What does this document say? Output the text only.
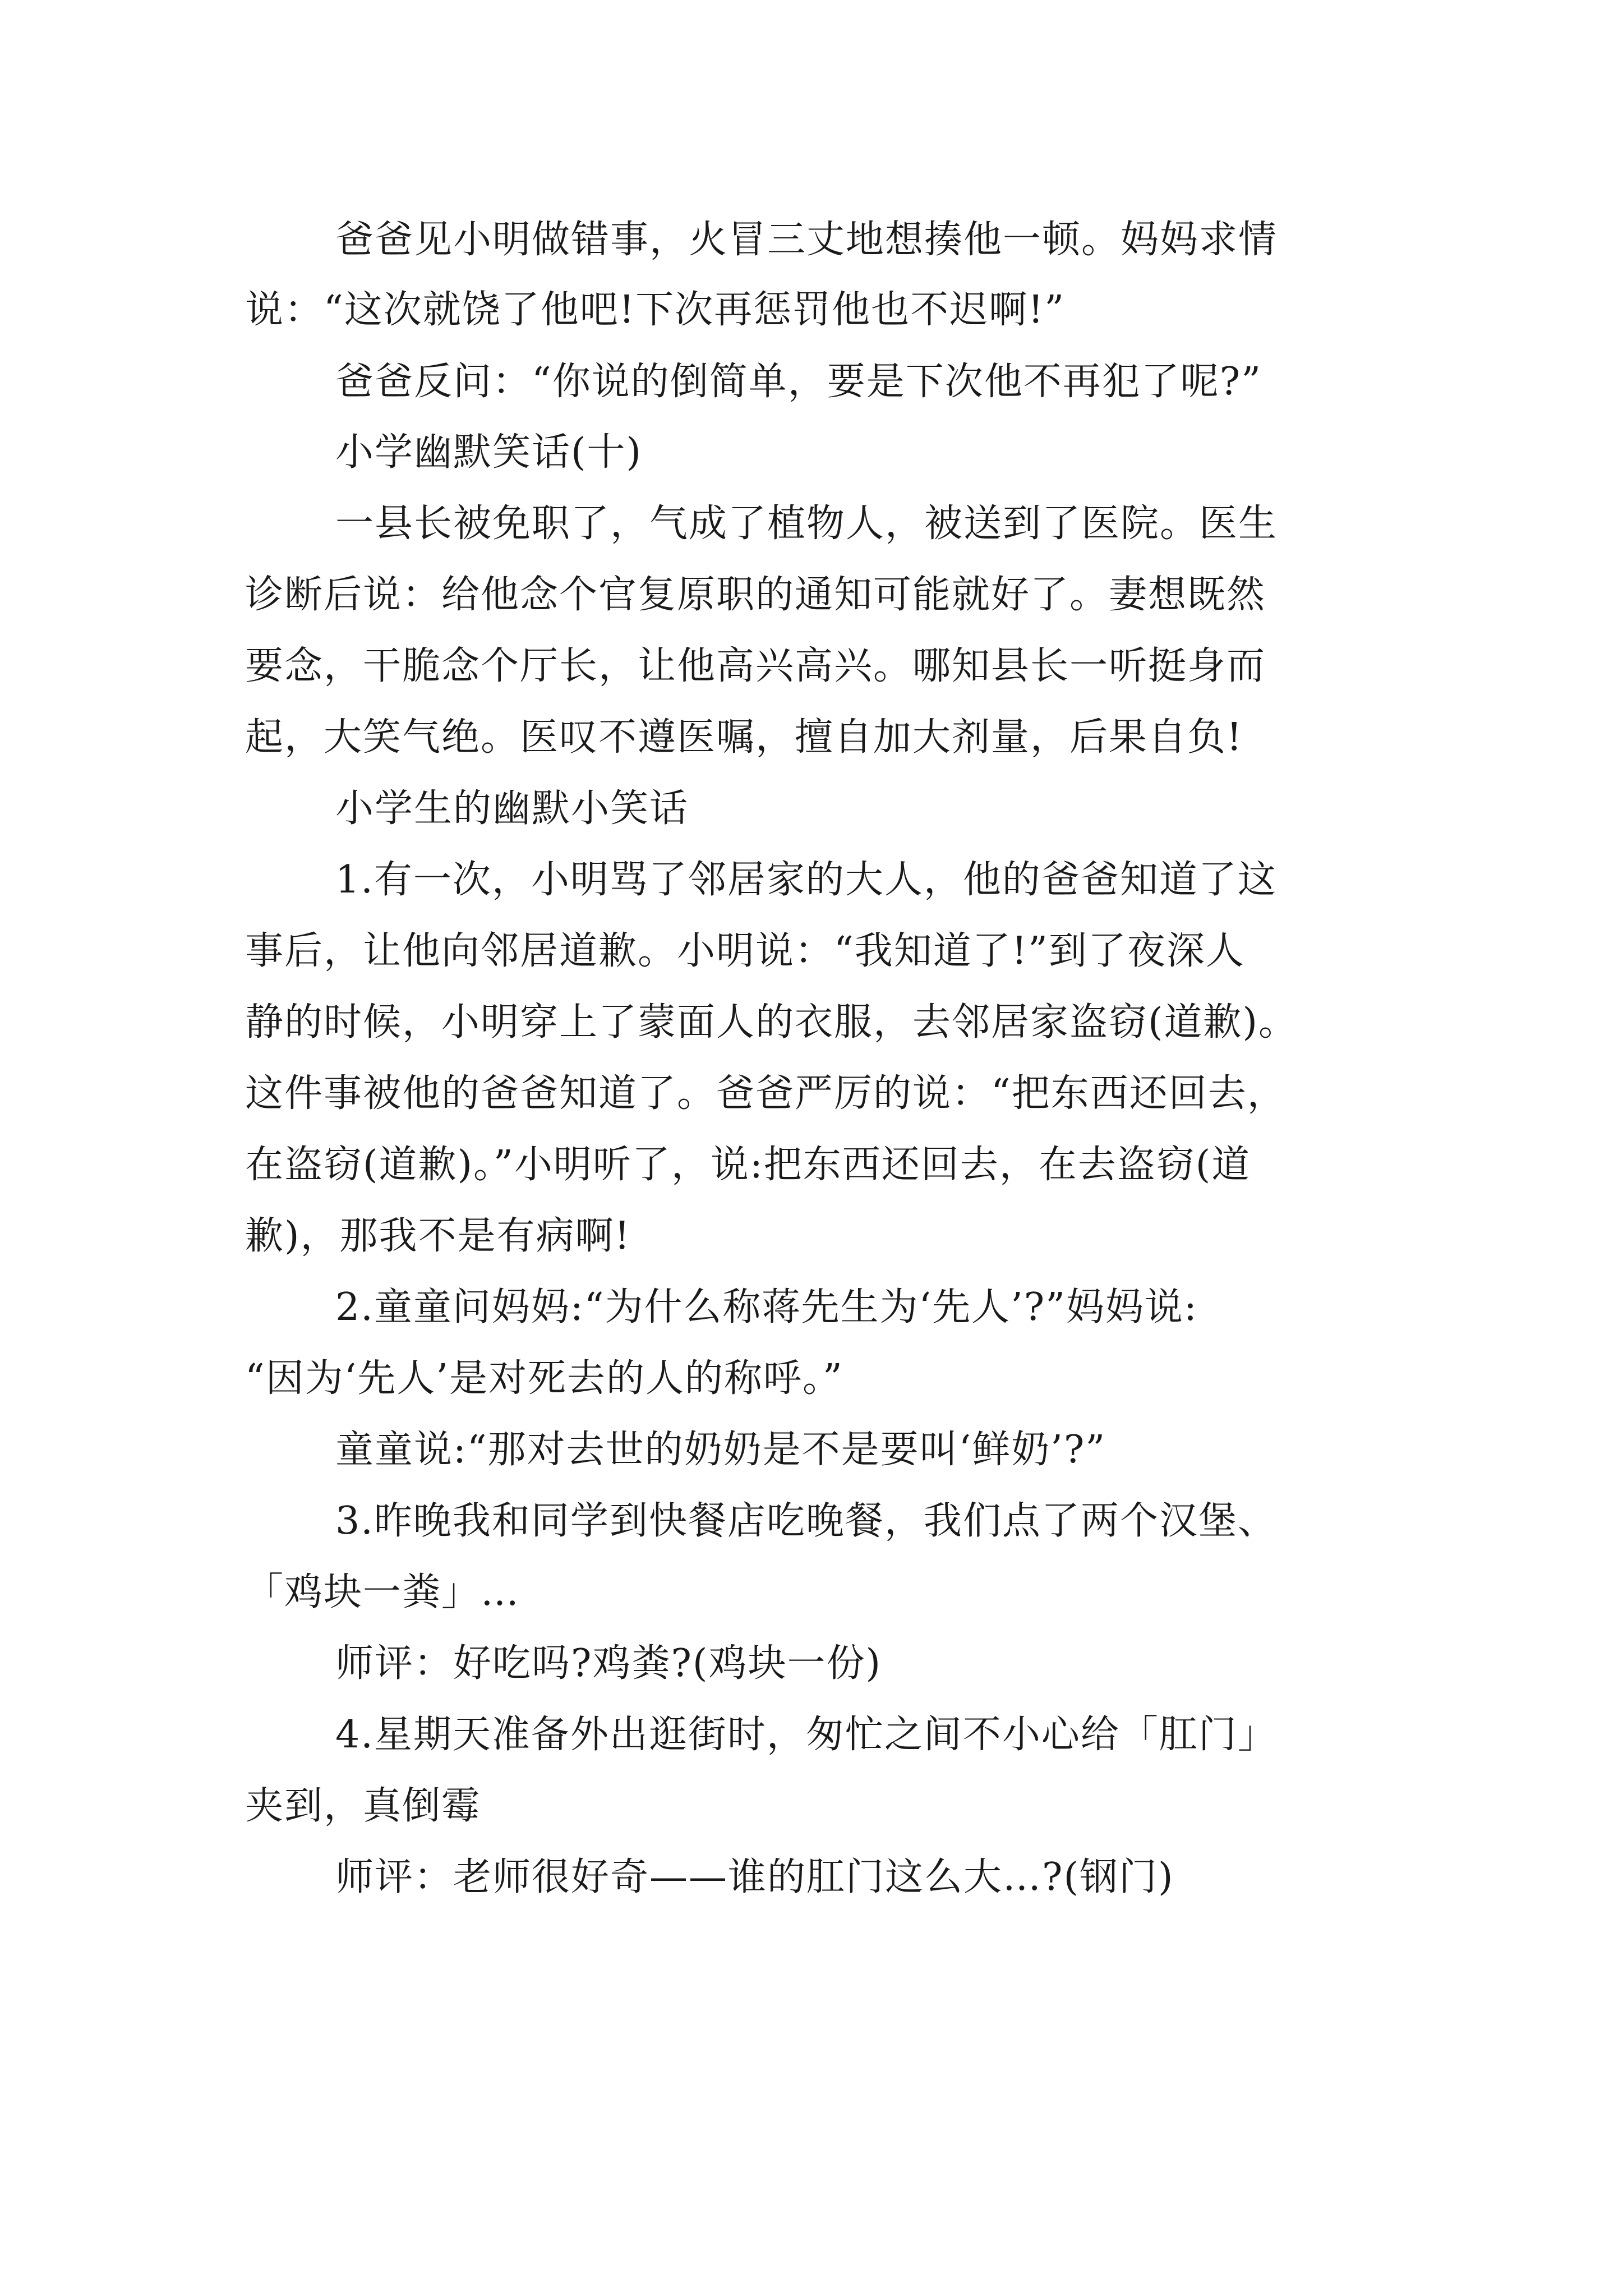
爸爸见小明做错事，火冒三丈地想揍他一顿。妈妈求情
说：“这次就饶了他吧!下次再惩罚他也不迟啊!”
爸爸反问：“你说的倒简单，要是下次他不再犯了呢?”
小学幽默笑话(十)
一县长被免职了，气成了植物人，被送到了医院。医生
诊断后说：给他念个官复原职的通知可能就好了。妻想既然
要念，干脆念个厅长，让他高兴高兴。哪知县长一听挺身而
起，大笑气绝。医叹不遵医嘱，擅自加大剂量，后果自负!
小学生的幽默小笑话
1.有一次，小明骂了邻居家的大人，他的爸爸知道了这
事后，让他向邻居道歉。小明说：“我知道了!”到了夜深人
静的时候，小明穿上了蒙面人的衣服，去邻居家盗窃(道歉)。
这件事被他的爸爸知道了。爸爸严厉的说：“把东西还回去，
在盗窃(道歉)。”小明听了，说:把东西还回去，在去盗窃(道
歉)，那我不是有病啊!
2.童童问妈妈:“为什么称蒋先生为‘先人’?”妈妈说:
“因为‘先人’是对死去的人的称呼。”
童童说:“那对去世的奶奶是不是要叫‘鲜奶’?”
3.昨晚我和同学到快餐店吃晚餐，我们点了两个汉堡、
「鸡块一粪」…
师评：好吃吗?鸡粪?(鸡块一份)
4.星期天准备外出逛街时，匆忙之间不小心给「肛门」
夹到，真倒霉
师评：老师很好奇——谁的肛门这么大…?(钢门)
